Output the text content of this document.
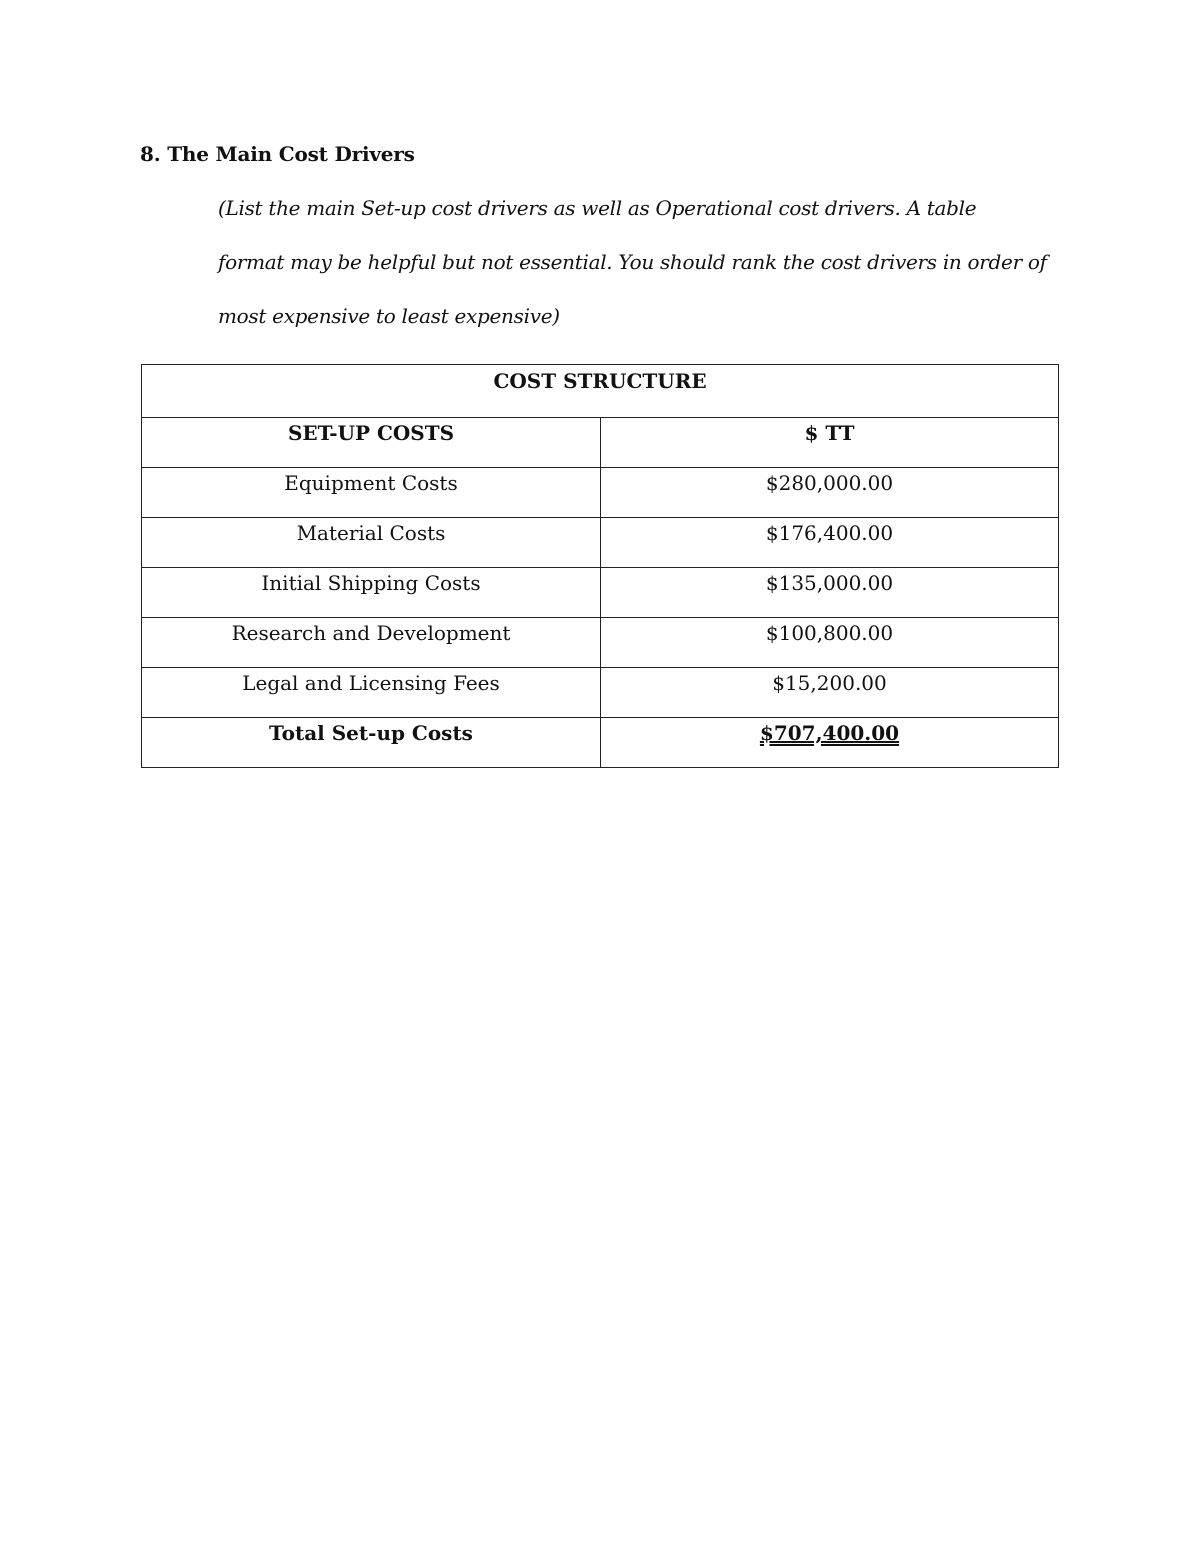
8. The Main Cost Drivers

(List the main Set-up cost drivers as well as Operational cost drivers. A table format may be helpful but not essential. You should rank the cost drivers in order of most expensive to least expensive)

COST STRUCTURE	
SET-UP COSTS	$ TT
Equipment Costs	$280,000.00
Material Costs	$176,400.00
Initial Shipping Costs	$135,000.00
Research and Development	$100,800.00
Legal and Licensing Fees	$15,200.00
Total Set-up Costs	$707,400.00
